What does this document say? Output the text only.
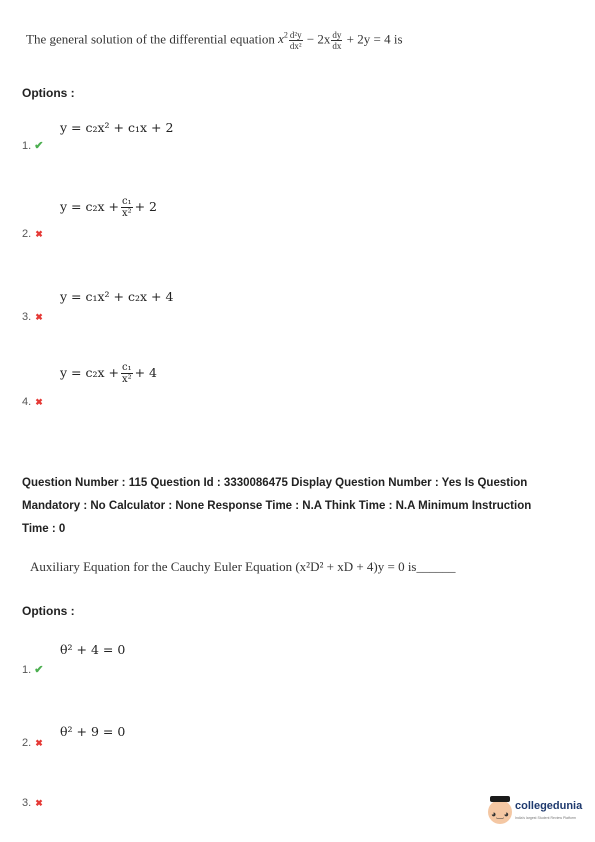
The general solution of the differential equation $x^2 \frac{\text{d²y}}{\text{dx²}} - 2x \frac{dy}{dx} + 2y = 4$ is
Options :
y = c₂x² + c₁x + 2
1. ✔
$y = c_2x + \frac{\text{c₁}}{\text{x²}} + 2$
2. ✖
y = c₁x² + c₂x + 4
3. ✖
$y = c_2x + \frac{\text{c₁}}{\text{x²}} + 4$
4. ✖
Question Number : 115 Question Id : 3330086475 Display Question Number : Yes Is Question
Mandatory : No Calculator : None Response Time : N.A Think Time : N.A Minimum Instruction
Time : 0
Auxiliary Equation for the Cauchy Euler Equation (x²D² + xD + 4)y = 0 is______
Options :
θ² + 4 = 0
1. ✔
θ² + 9 = 0
2. ✖
3. ✖
◕‿◕
collegedunia
India's largest Student Review Platform
